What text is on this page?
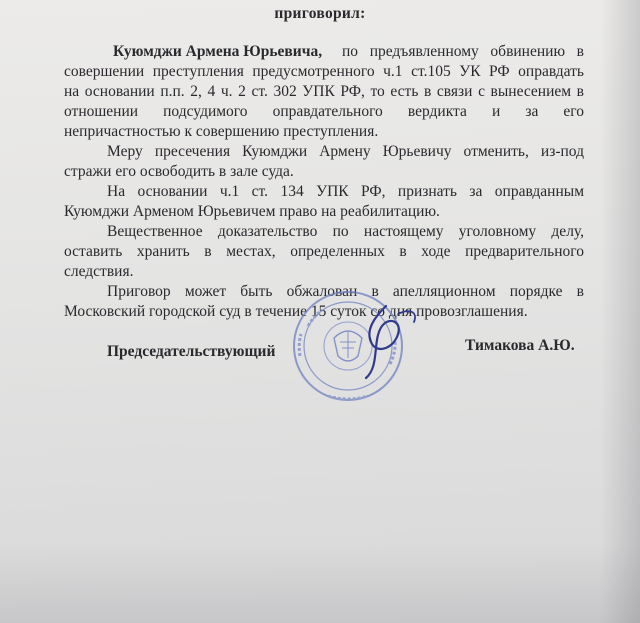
приговорил:
Куюмджи Армена Юрьевича, по предъявленному обвинению в
совершении преступления предусмотренного ч.1 ст.105 УК РФ оправдать
на основании п.п. 2, 4 ч. 2 ст. 302 УПК РФ, то есть в связи с вынесением в
отношении подсудимого оправдательного вердикта и за его
непричастностью к совершению преступления.
Меру пресечения Куюмджи Армену Юрьевичу отменить, из-под
стражи его освободить в зале суда.
На основании ч.1 ст. 134 УПК РФ, признать за оправданным
Куюмджи Арменом Юрьевичем право на реабилитацию.
Вещественное доказательство по настоящему уголовному делу,
оставить хранить в местах, определенных в ходе предварительного
следствия.
Приговор может быть обжалован в апелляционном порядке в
Московский городской суд в течение 15 суток со дня провозглашения.
Председательствующий	Тимакова А.Ю.
